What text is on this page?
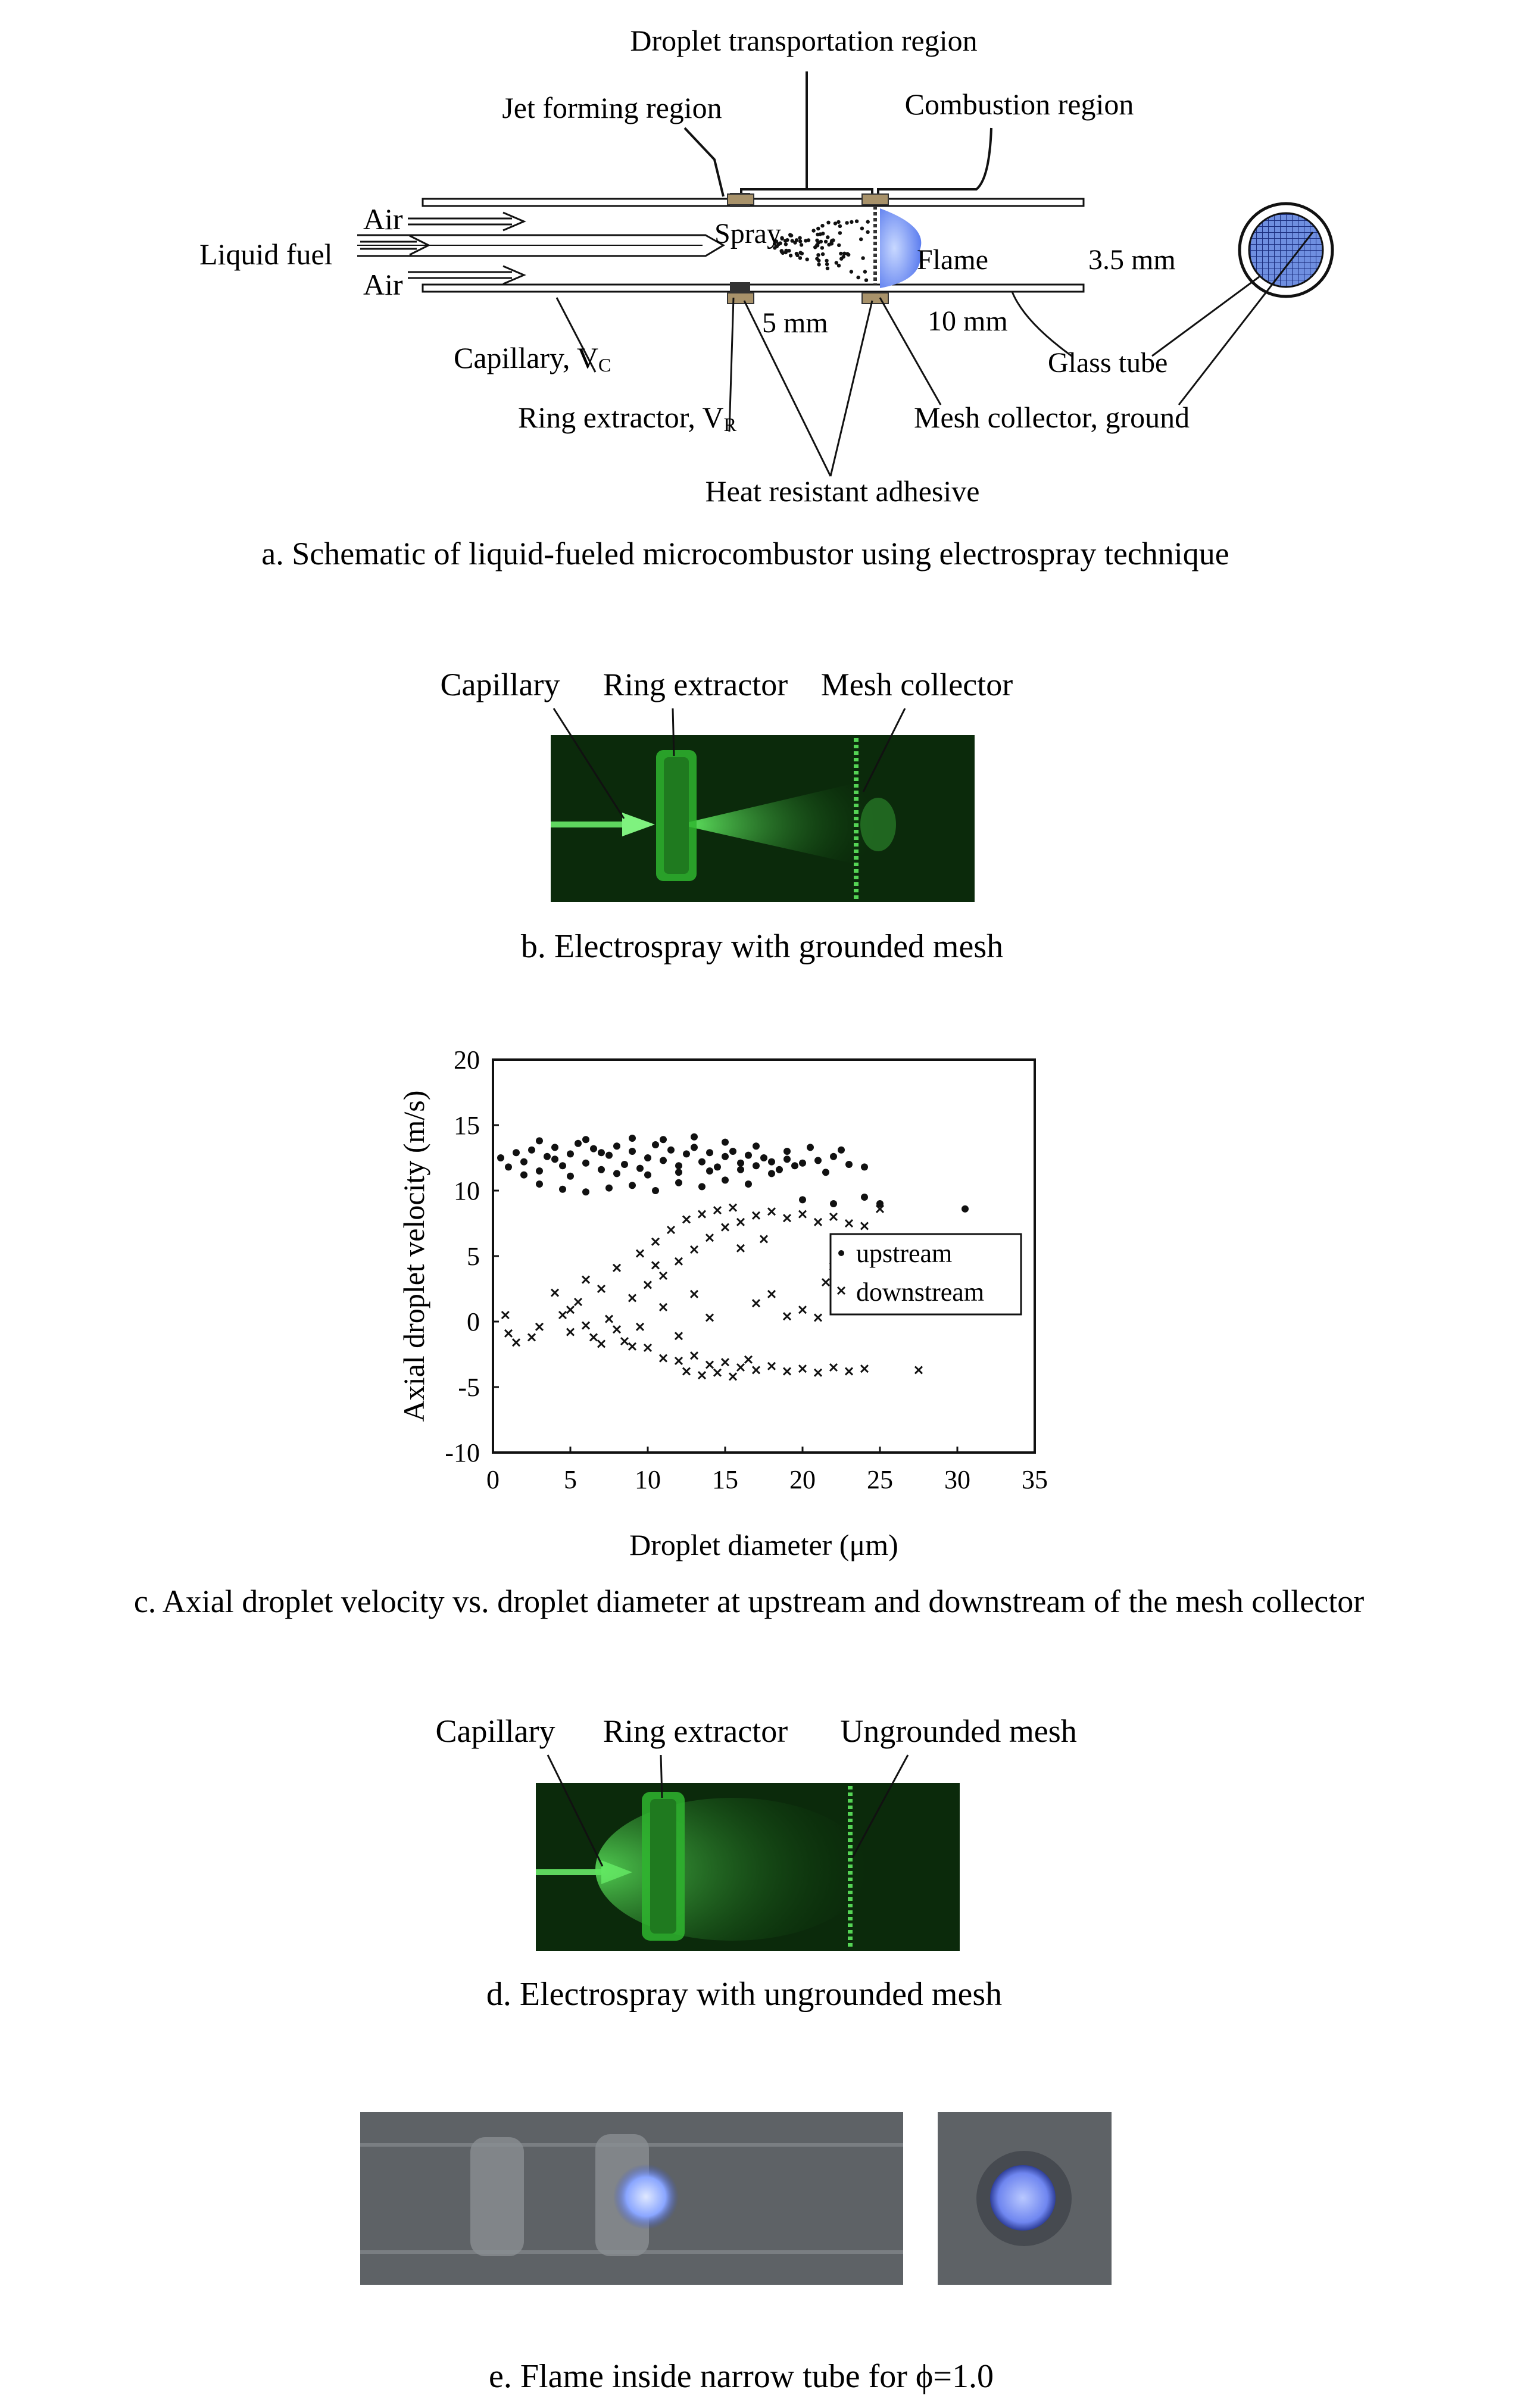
Droplet transportation region
Jet forming region	Combustion region
Air
Liquid fuel
Air
Spray
Flame	3.5 mm
5 mm	10 mm
Glass tube
Capillary, VC
Ring extractor, VR	Mesh collector, ground
Heat resistant adhesive
a. Schematic of liquid-fueled microcombustor using electrospray technique
Capillary Ring extractor Mesh collector
b. Electrospray with grounded mesh
0 5 10 15 20 25 30 35
20
15
10
5
0
-5
-10
upstream
downstream
Droplet diameter (μm)
Axial droplet velocity (m/s)
c. Axial droplet velocity vs. droplet diameter at upstream and downstream of the mesh collector
Capillary Ring extractor Ungrounded mesh
d. Electrospray with ungrounded mesh
e. Flame inside narrow tube for ϕ=1.0
